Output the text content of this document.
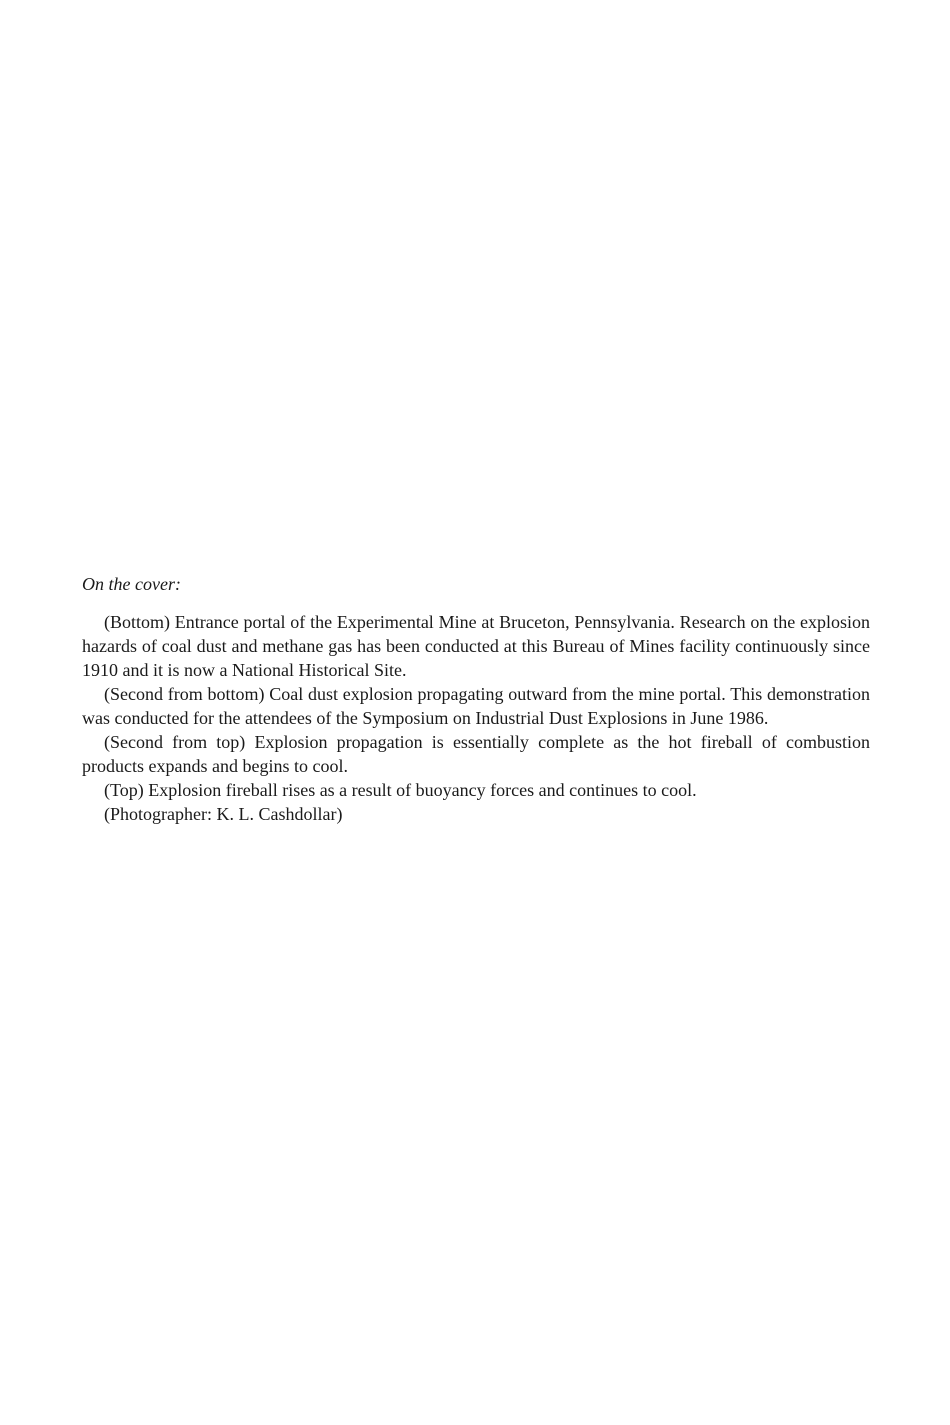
On the cover:

(Bottom) Entrance portal of the Experimental Mine at Bruceton, Pennsylvania. Research on the explosion hazards of coal dust and methane gas has been conducted at this Bureau of Mines facility continuously since 1910 and it is now a National Historical Site.

(Second from bottom) Coal dust explosion propagating outward from the mine portal. This demonstration was conducted for the attendees of the Symposium on Industrial Dust Explosions in June 1986.

(Second from top) Explosion propagation is essentially complete as the hot fireball of combustion products expands and begins to cool.

(Top) Explosion fireball rises as a result of buoyancy forces and continues to cool.

(Photographer: K. L. Cashdollar)
